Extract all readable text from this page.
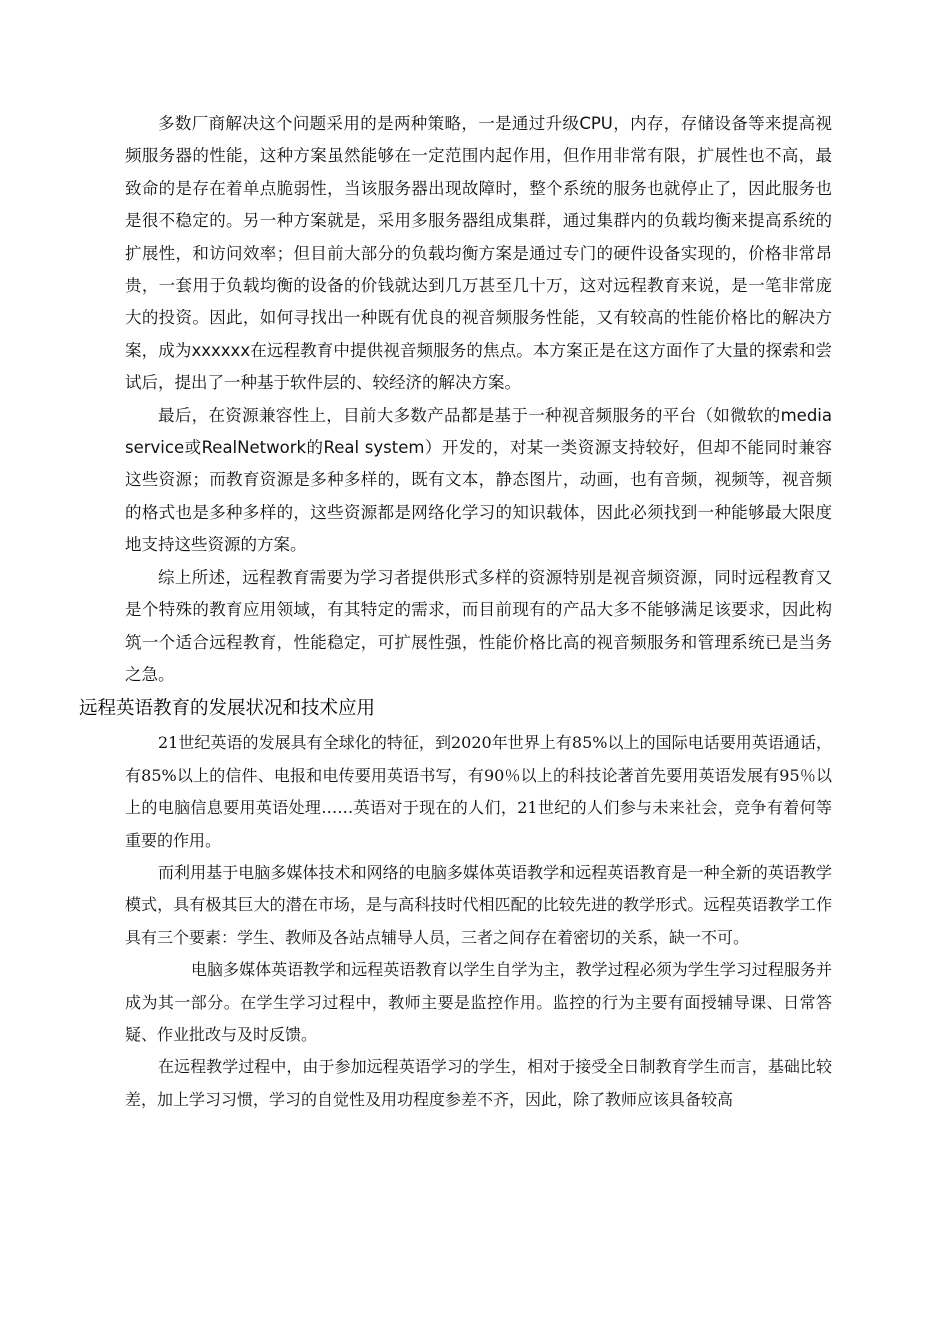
多数厂商解决这个问题采用的是两种策略，一是通过升级CPU，内存，存储设备等来提高视频服务器的性能，这种方案虽然能够在一定范围内起作用，但作用非常有限，扩展性也不高，最致命的是存在着单点脆弱性，当该服务器出现故障时，整个系统的服务也就停止了，因此服务也是很不稳定的。另一种方案就是，采用多服务器组成集群，通过集群内的负载均衡来提高系统的扩展性，和访问效率；但目前大部分的负载均衡方案是通过专门的硬件设备实现的，价格非常昂贵，一套用于负载均衡的设备的价钱就达到几万甚至几十万，这对远程教育来说，是一笔非常庞大的投资。因此，如何寻找出一种既有优良的视音频服务性能，又有较高的性能价格比的解决方案，成为xxxxxx在远程教育中提供视音频服务的焦点。本方案正是在这方面作了大量的探索和尝试后，提出了一种基于软件层的、较经济的解决方案。

最后，在资源兼容性上，目前大多数产品都是基于一种视音频服务的平台（如微软的media service或RealNetwork的Real system）开发的，对某一类资源支持较好，但却不能同时兼容这些资源；而教育资源是多种多样的，既有文本，静态图片，动画，也有音频，视频等，视音频的格式也是多种多样的，这些资源都是网络化学习的知识载体，因此必须找到一种能够最大限度地支持这些资源的方案。

综上所述，远程教育需要为学习者提供形式多样的资源特别是视音频资源，同时远程教育又是个特殊的教育应用领域，有其特定的需求，而目前现有的产品大多不能够满足该要求，因此构筑一个适合远程教育，性能稳定，可扩展性强，性能价格比高的视音频服务和管理系统已是当务之急。

远程英语教育的发展状况和技术应用

21世纪英语的发展具有全球化的特征，到2020年世界上有85%以上的国际电话要用英语通话，有85%以上的信件、电报和电传要用英语书写，有90％以上的科技论著首先要用英语发展有95％以上的电脑信息要用英语处理……英语对于现在的人们，21世纪的人们参与未来社会，竞争有着何等重要的作用。

而利用基于电脑多媒体技术和网络的电脑多媒体英语教学和远程英语教育是一种全新的英语教学模式，具有极其巨大的潜在市场，是与高科技时代相匹配的比较先进的教学形式。远程英语教学工作具有三个要素：学生、教师及各站点辅导人员，三者之间存在着密切的关系，缺一不可。

电脑多媒体英语教学和远程英语教育以学生自学为主，教学过程必须为学生学习过程服务并成为其一部分。在学生学习过程中，教师主要是监控作用。监控的行为主要有面授辅导课、日常答疑、作业批改与及时反馈。

在远程教学过程中，由于参加远程英语学习的学生，相对于接受全日制教育学生而言，基础比较差，加上学习习惯，学习的自觉性及用功程度参差不齐，因此，除了教师应该具备较高
